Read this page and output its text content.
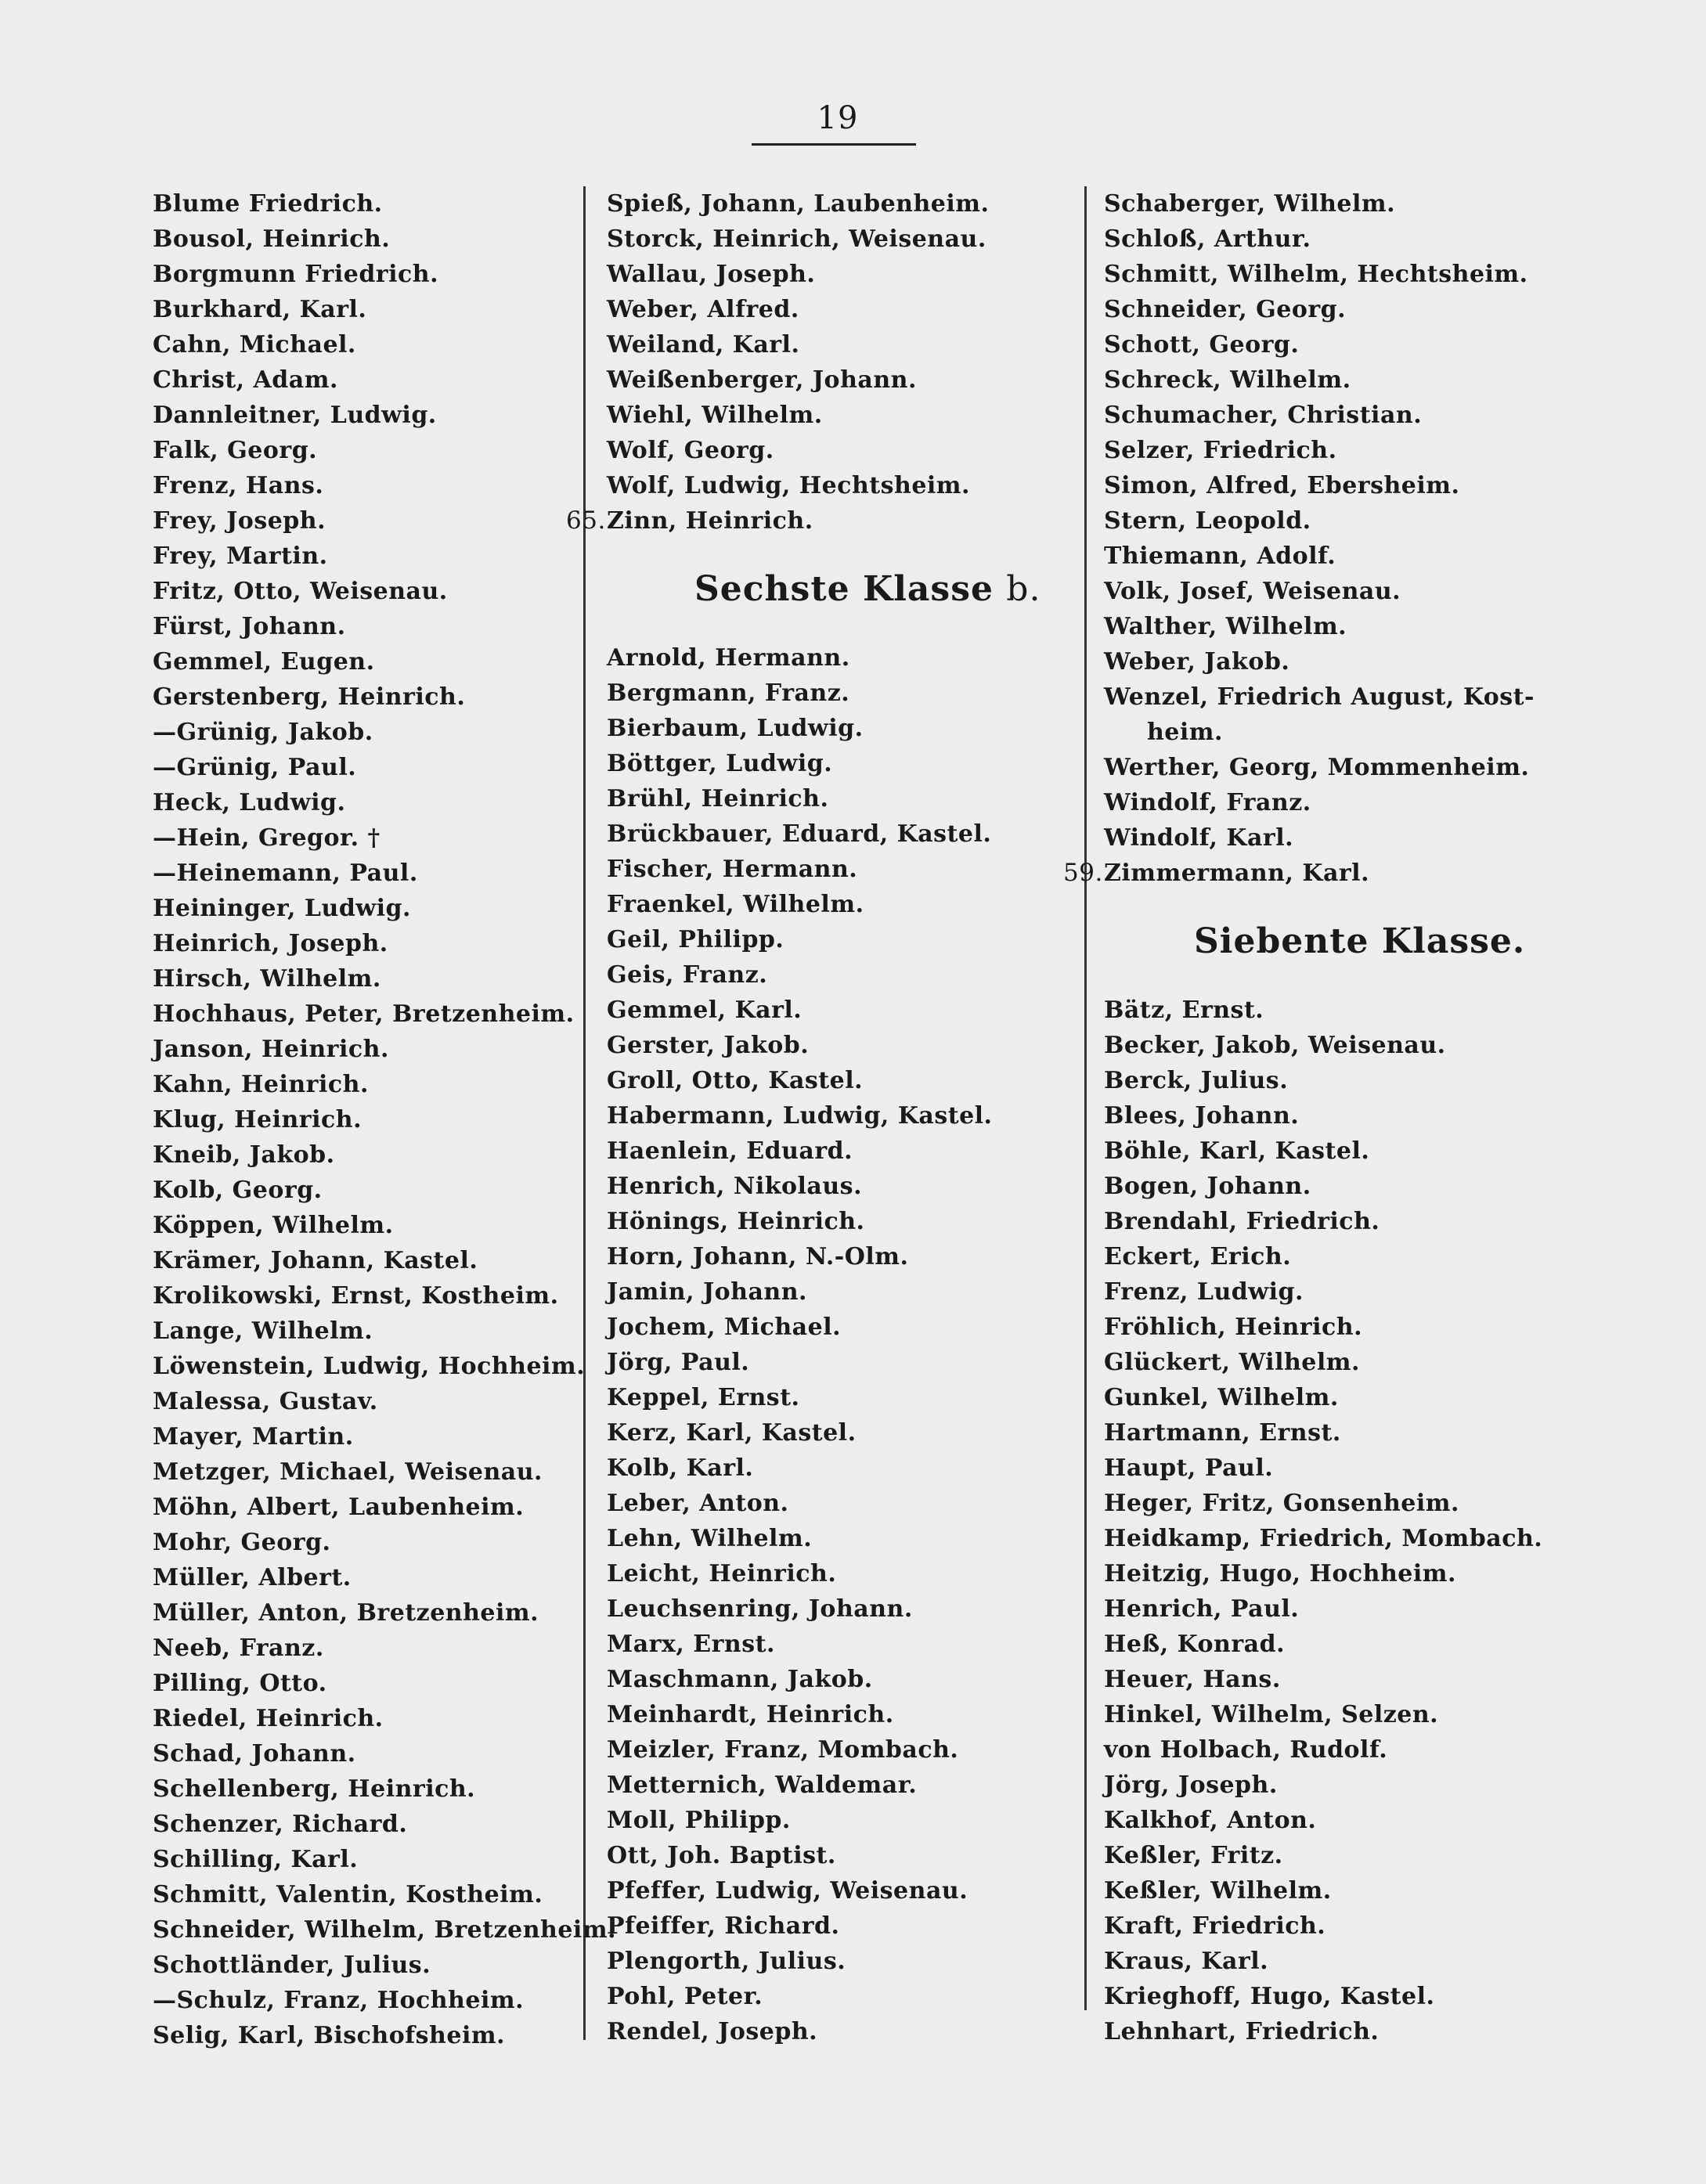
19
Blume Friedrich.
Bousol, Heinrich.
Borgmunn Friedrich.
Burkhard, Karl.
Cahn, Michael.
Christ, Adam.
Dannleitner, Ludwig.
Falk, Georg.
Frenz, Hans.
Frey, Joseph.
Frey, Martin.
Fritz, Otto, Weisenau.
Fürst, Johann.
Gemmel, Eugen.
Gerstenberg, Heinrich.
—Grünig, Jakob.
—Grünig, Paul.
Heck, Ludwig.
—Hein, Gregor. †
—Heinemann, Paul.
Heininger, Ludwig.
Heinrich, Joseph.
Hirsch, Wilhelm.
Hochhaus, Peter, Bretzenheim.
Janson, Heinrich.
Kahn, Heinrich.
Klug, Heinrich.
Kneib, Jakob.
Kolb, Georg.
Köppen, Wilhelm.
Krämer, Johann, Kastel.
Krolikowski, Ernst, Kostheim.
Lange, Wilhelm.
Löwenstein, Ludwig, Hochheim.
Malessa, Gustav.
Mayer, Martin.
Metzger, Michael, Weisenau.
Möhn, Albert, Laubenheim.
Mohr, Georg.
Müller, Albert.
Müller, Anton, Bretzenheim.
Neeb, Franz.
Pilling, Otto.
Riedel, Heinrich.
Schad, Johann.
Schellenberg, Heinrich.
Schenzer, Richard.
Schilling, Karl.
Schmitt, Valentin, Kostheim.
Schneider, Wilhelm, Bretzenheim.
Schottländer, Julius.
—Schulz, Franz, Hochheim.
Selig, Karl, Bischofsheim.
Spieß, Johann, Laubenheim.
Storck, Heinrich, Weisenau.
Wallau, Joseph.
Weber, Alfred.
Weiland, Karl.
Weißenberger, Johann.
Wiehl, Wilhelm.
Wolf, Georg.
Wolf, Ludwig, Hechtsheim.
65.Zinn, Heinrich.
Sechste Klasse b.
Arnold, Hermann.
Bergmann, Franz.
Bierbaum, Ludwig.
Böttger, Ludwig.
Brühl, Heinrich.
Brückbauer, Eduard, Kastel.
Fischer, Hermann.
Fraenkel, Wilhelm.
Geil, Philipp.
Geis, Franz.
Gemmel, Karl.
Gerster, Jakob.
Groll, Otto, Kastel.
Habermann, Ludwig, Kastel.
Haenlein, Eduard.
Henrich, Nikolaus.
Hönings, Heinrich.
Horn, Johann, N.-Olm.
Jamin, Johann.
Jochem, Michael.
Jörg, Paul.
Keppel, Ernst.
Kerz, Karl, Kastel.
Kolb, Karl.
Leber, Anton.
Lehn, Wilhelm.
Leicht, Heinrich.
Leuchsenring, Johann.
Marx, Ernst.
Maschmann, Jakob.
Meinhardt, Heinrich.
Meizler, Franz, Mombach.
Metternich, Waldemar.
Moll, Philipp.
Ott, Joh. Baptist.
Pfeffer, Ludwig, Weisenau.
Pfeiffer, Richard.
Plengorth, Julius.
Pohl, Peter.
Rendel, Joseph.
Schaberger, Wilhelm.
Schloß, Arthur.
Schmitt, Wilhelm, Hechtsheim.
Schneider, Georg.
Schott, Georg.
Schreck, Wilhelm.
Schumacher, Christian.
Selzer, Friedrich.
Simon, Alfred, Ebersheim.
Stern, Leopold.
Thiemann, Adolf.
Volk, Josef, Weisenau.
Walther, Wilhelm.
Weber, Jakob.
Wenzel, Friedrich August, Kost-
heim.
Werther, Georg, Mommenheim.
Windolf, Franz.
Windolf, Karl.
59.Zimmermann, Karl.
Siebente Klasse.
Bätz, Ernst.
Becker, Jakob, Weisenau.
Berck, Julius.
Blees, Johann.
Böhle, Karl, Kastel.
Bogen, Johann.
Brendahl, Friedrich.
Eckert, Erich.
Frenz, Ludwig.
Fröhlich, Heinrich.
Glückert, Wilhelm.
Gunkel, Wilhelm.
Hartmann, Ernst.
Haupt, Paul.
Heger, Fritz, Gonsenheim.
Heidkamp, Friedrich, Mombach.
Heitzig, Hugo, Hochheim.
Henrich, Paul.
Heß, Konrad.
Heuer, Hans.
Hinkel, Wilhelm, Selzen.
von Holbach, Rudolf.
Jörg, Joseph.
Kalkhof, Anton.
Keßler, Fritz.
Keßler, Wilhelm.
Kraft, Friedrich.
Kraus, Karl.
Krieghoff, Hugo, Kastel.
Lehnhart, Friedrich.
